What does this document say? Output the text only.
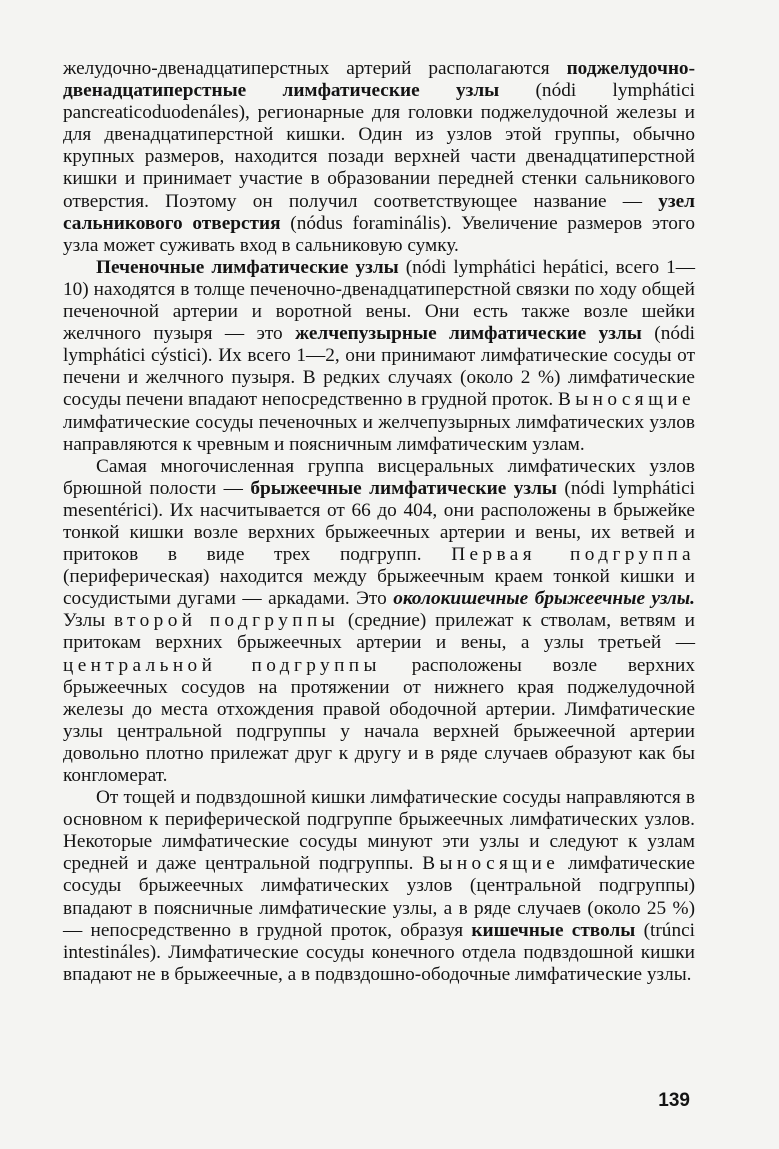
желудочно-двенадцатиперстных артерий располагаются поджелудочно-двенадцатиперстные лимфатические узлы (nódi lymphátici pancreaticoduodenáles), регионарные для головки поджелудочной железы и для двенадцатиперстной кишки. Один из узлов этой группы, обычно крупных размеров, находится позади верхней части двенадцатиперстной кишки и принимает участие в образовании передней стенки сальникового отверстия. Поэтому он получил соответствующее название — узел сальникового отверстия (nódus foraminális). Увеличение размеров этого узла может суживать вход в сальниковую сумку.

Печеночные лимфатические узлы (nódi lymphátici hepátici, всего 1—10) находятся в толще печеночно-двенадцатиперстной связки по ходу общей печеночной артерии и воротной вены. Они есть также возле шейки желчного пузыря — это желчепузырные лимфатические узлы (nódi lymphátici cýstici). Их всего 1—2, они принимают лимфатические сосуды от печени и желчного пузыря. В редких случаях (около 2 %) лимфатические сосуды печени впадают непосредственно в грудной проток. Выносящие лимфатические сосуды печеночных и желчепузырных лимфатических узлов направляются к чревным и поясничным лимфатическим узлам.

Самая многочисленная группа висцеральных лимфатических узлов брюшной полости — брыжеечные лимфатические узлы (nódi lymphátici mesentérici). Их насчитывается от 66 до 404, они расположены в брыжейке тонкой кишки возле верхних брыжеечных артерии и вены, их ветвей и притоков в виде трех подгрупп. Первая подгруппа (периферическая) находится между брыжеечным краем тонкой кишки и сосудистыми дугами — аркадами. Это околокишечные брыжеечные узлы. Узлы второй подгруппы (средние) прилежат к стволам, ветвям и притокам верхних брыжеечных артерии и вены, а узлы третьей — центральной подгруппы расположены возле верхних брыжеечных сосудов на протяжении от нижнего края поджелудочной железы до места отхождения правой ободочной артерии. Лимфатические узлы центральной подгруппы у начала верхней брыжеечной артерии довольно плотно прилежат друг к другу и в ряде случаев образуют как бы конгломерат.

От тощей и подвздошной кишки лимфатические сосуды направляются в основном к периферической подгруппе брыжеечных лимфатических узлов. Некоторые лимфатические сосуды минуют эти узлы и следуют к узлам средней и даже центральной подгруппы. Выносящие лимфатические сосуды брыжеечных лимфатических узлов (центральной подгруппы) впадают в поясничные лимфатические узлы, а в ряде случаев (около 25 %) — непосредственно в грудной проток, образуя кишечные стволы (trúnci intestináles). Лимфатические сосуды конечного отдела подвздошной кишки впадают не в брыжеечные, а в подвздошно-ободочные лимфатические узлы.

139
